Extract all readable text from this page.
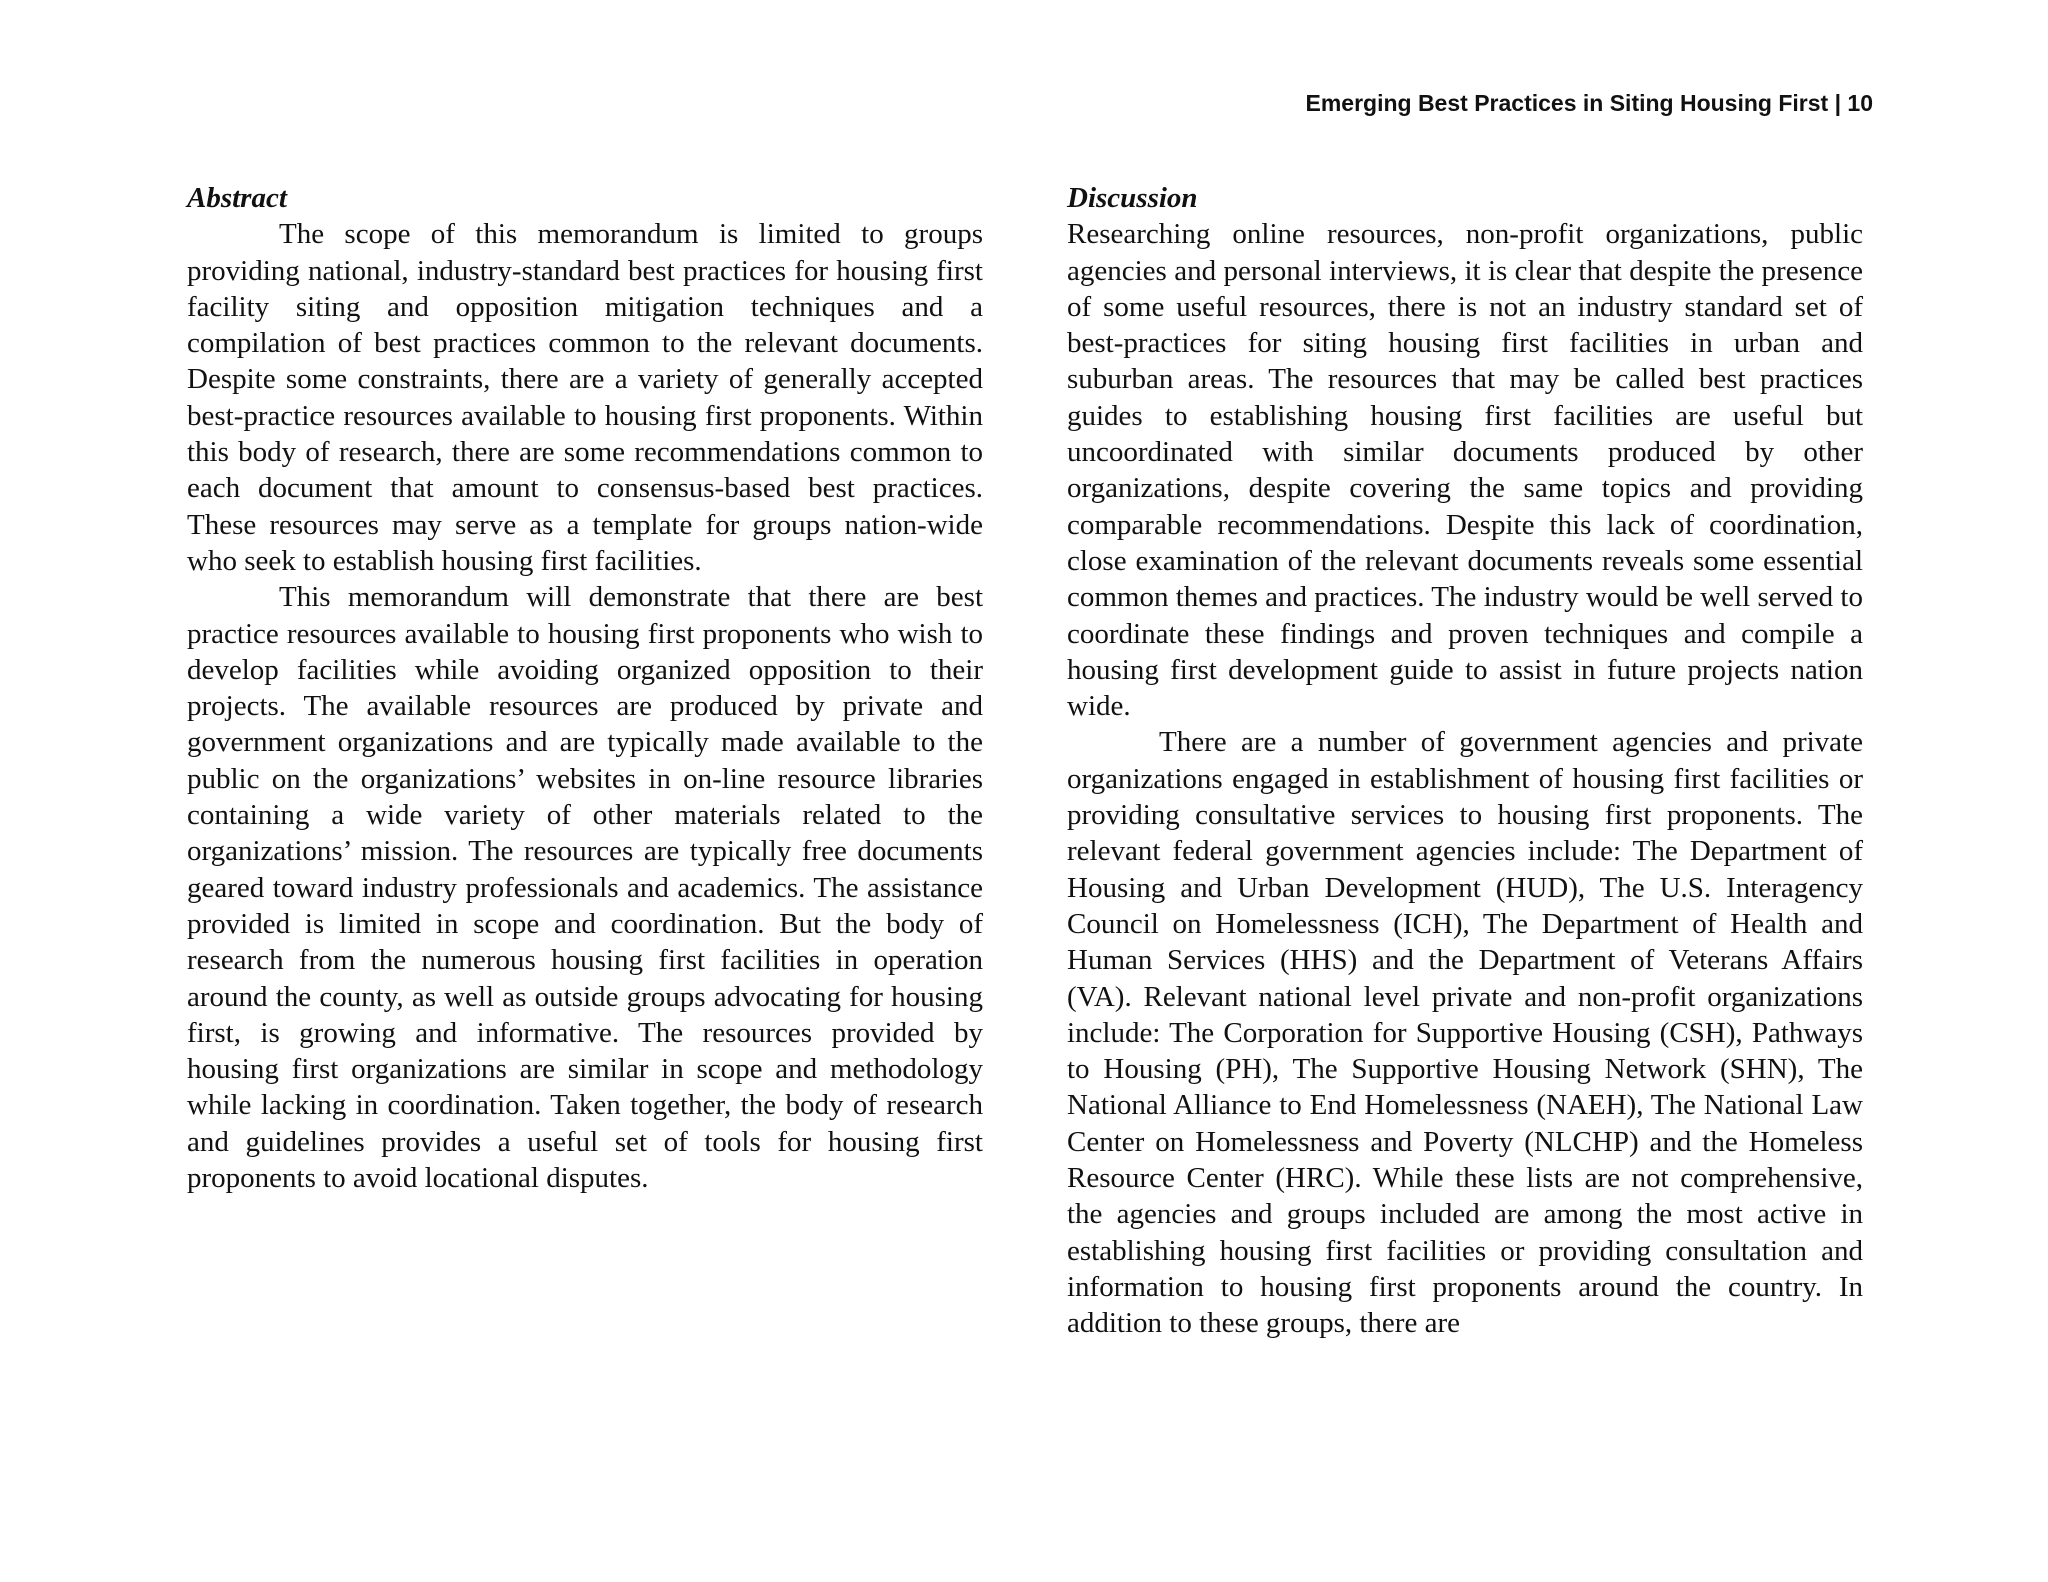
Emerging Best Practices in Siting Housing First | 10
Abstract

The scope of this memorandum is limited to groups providing national, industry-standard best practices for housing first facility siting and opposition mitigation techniques and a compilation of best practices common to the relevant documents. Despite some constraints, there are a variety of generally accepted best-practice resources available to housing first proponents. Within this body of research, there are some recommendations common to each document that amount to consensus-based best practices. These resources may serve as a template for groups nation-wide who seek to establish housing first facilities.

This memorandum will demonstrate that there are best practice resources available to housing first proponents who wish to develop facilities while avoiding organized opposition to their projects. The available resources are produced by private and government organizations and are typically made available to the public on the organizations’ websites in on-line resource libraries containing a wide variety of other materials related to the organizations’ mission. The resources are typically free documents geared toward industry professionals and academics. The assistance provided is limited in scope and coordination. But the body of research from the numerous housing first facilities in operation around the county, as well as outside groups advocating for housing first, is growing and informative. The resources provided by housing first organizations are similar in scope and methodology while lacking in coordination. Taken together, the body of research and guidelines provides a useful set of tools for housing first proponents to avoid locational disputes.

Discussion

Researching online resources, non-profit organizations, public agencies and personal interviews, it is clear that despite the presence of some useful resources, there is not an industry standard set of best-practices for siting housing first facilities in urban and suburban areas. The resources that may be called best practices guides to establishing housing first facilities are useful but uncoordinated with similar documents produced by other organizations, despite covering the same topics and providing comparable recommendations. Despite this lack of coordination, close examination of the relevant documents reveals some essential common themes and practices. The industry would be well served to coordinate these findings and proven techniques and compile a housing first development guide to assist in future projects nation wide.

There are a number of government agencies and private organizations engaged in establishment of housing first facilities or providing consultative services to housing first proponents. The relevant federal government agencies include: The Department of Housing and Urban Development (HUD), The U.S. Interagency Council on Homelessness (ICH), The Department of Health and Human Services (HHS) and the Department of Veterans Affairs (VA). Relevant national level private and non-profit organizations include: The Corporation for Supportive Housing (CSH), Pathways to Housing (PH), The Supportive Housing Network (SHN), The National Alliance to End Homelessness (NAEH), The National Law Center on Homelessness and Poverty (NLCHP) and the Homeless Resource Center (HRC). While these lists are not comprehensive, the agencies and groups included are among the most active in establishing housing first facilities or providing consultation and information to housing first proponents around the country. In addition to these groups, there are
